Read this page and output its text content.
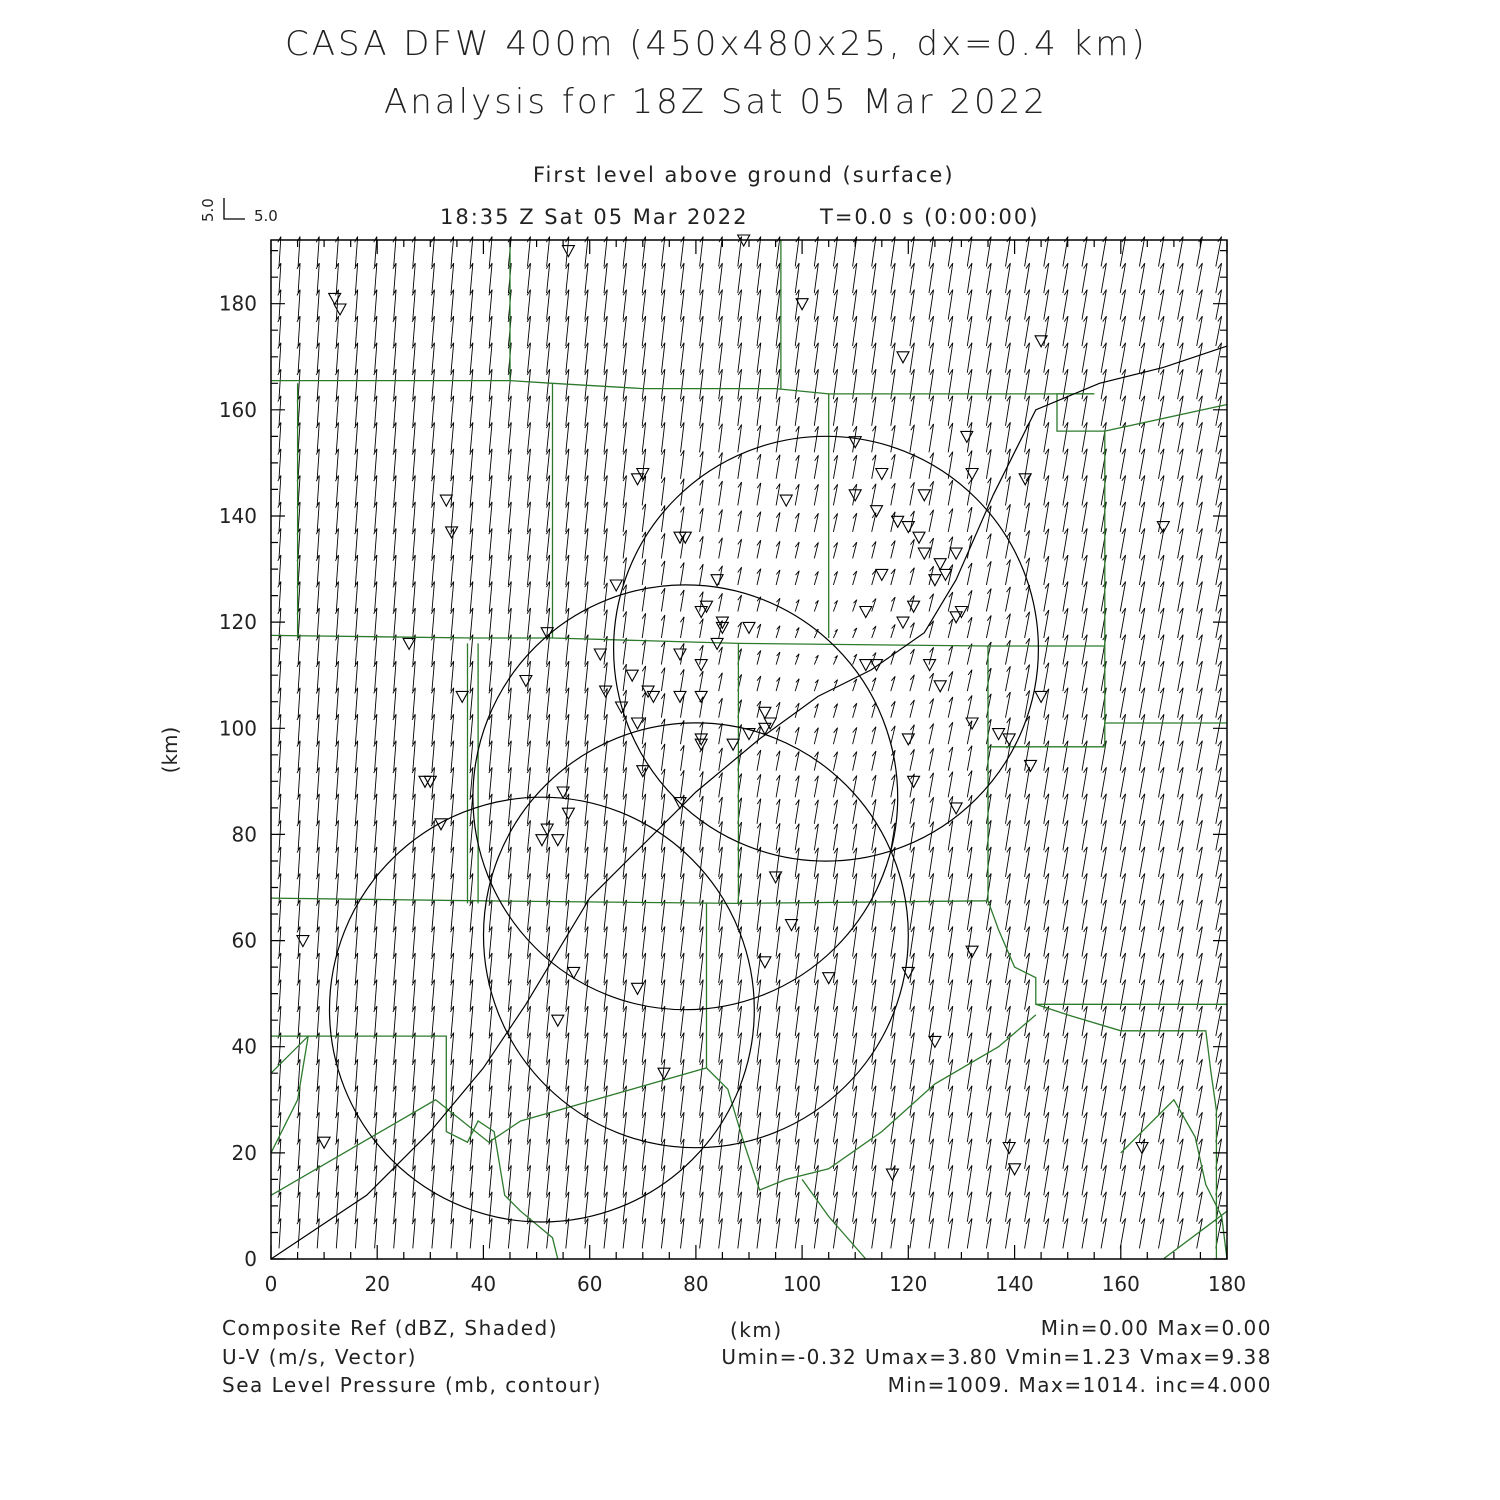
CASA DFW 400m (450x480x25, dx=0.4 km)
Analysis for 18Z Sat 05 Mar 2022
First level above ground (surface)
18:35 Z Sat 05 Mar 2022	T=0.0 s (0:00:00)
0	20	40	60	80	100	120	140	160	180
0
20
40
60
80
100
120
140
160
180
(km)
5.0 5.0
Composite Ref (dBZ, Shaded)	(km)	Min=0.00 Max=0.00
U-V (m/s, Vector)	Umin=-0.32 Umax=3.80 Vmin=1.23 Vmax=9.38
Sea Level Pressure (mb, contour)	Min=1009. Max=1014. inc=4.000
